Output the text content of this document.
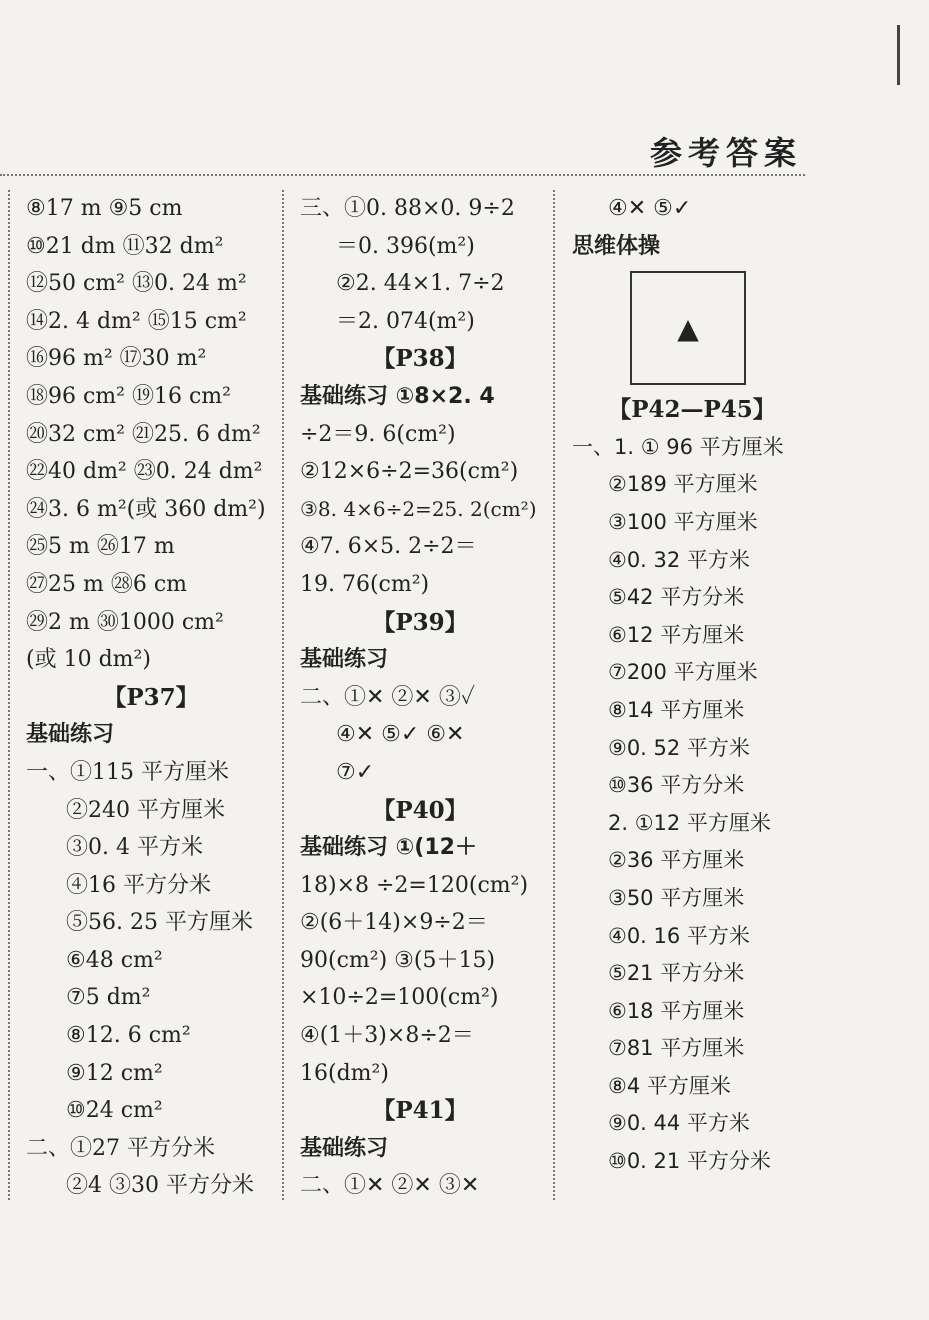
参考答案
⑧17 m ⑨5 cm
⑩21 dm ⑪32 dm²
⑫50 cm² ⑬0. 24 m²
⑭2. 4 dm² ⑮15 cm²
⑯96 m² ⑰30 m²
⑱96 cm² ⑲16 cm²
⑳32 cm² ㉑25. 6 dm²
㉒40 dm² ㉓0. 24 dm²
㉔3. 6 m²(或 360 dm²)
㉕5 m ㉖17 m
㉗25 m ㉘6 cm
㉙2 m ㉚1000 cm²
(或 10 dm²)
【P37】
基础练习
一、①115 平方厘米
②240 平方厘米
③0. 4 平方米
④16 平方分米
⑤56. 25 平方厘米
⑥48 cm²
⑦5 dm²
⑧12. 6 cm²
⑨12 cm²
⑩24 cm²
二、①27 平方分米
②4 ③30 平方分米
三、①0. 88×0. 9÷2
＝0. 396(m²)
②2. 44×1. 7÷2
＝2. 074(m²)
【P38】
基础练习 ①8×2. 4
÷2＝9. 6(cm²)
②12×6÷2=36(cm²)
③8. 4×6÷2=25. 2(cm²)
④7. 6×5. 2÷2＝
19. 76(cm²)
【P39】
基础练习
二、①✕ ②✕ ③✓
④✕ ⑤✓ ⑥✕
⑦✓
【P40】
基础练习 ①(12＋
18)×8 ÷2=120(cm²)
②(6＋14)×9÷2＝
90(cm²) ③(5＋15)
×10÷2=100(cm²)
④(1＋3)×8÷2＝
16(dm²)
【P41】
基础练习
二、①✕ ②✕ ③✕
④✕ ⑤✓
思维体操
▲
【P42—P45】
一、1. ① 96 平方厘米
②189 平方厘米
③100 平方厘米
④0. 32 平方米
⑤42 平方分米
⑥12 平方厘米
⑦200 平方厘米
⑧14 平方厘米
⑨0. 52 平方米
⑩36 平方分米
2. ①12 平方厘米
②36 平方厘米
③50 平方厘米
④0. 16 平方米
⑤21 平方分米
⑥18 平方厘米
⑦81 平方厘米
⑧4 平方厘米
⑨0. 44 平方米
⑩0. 21 平方分米
